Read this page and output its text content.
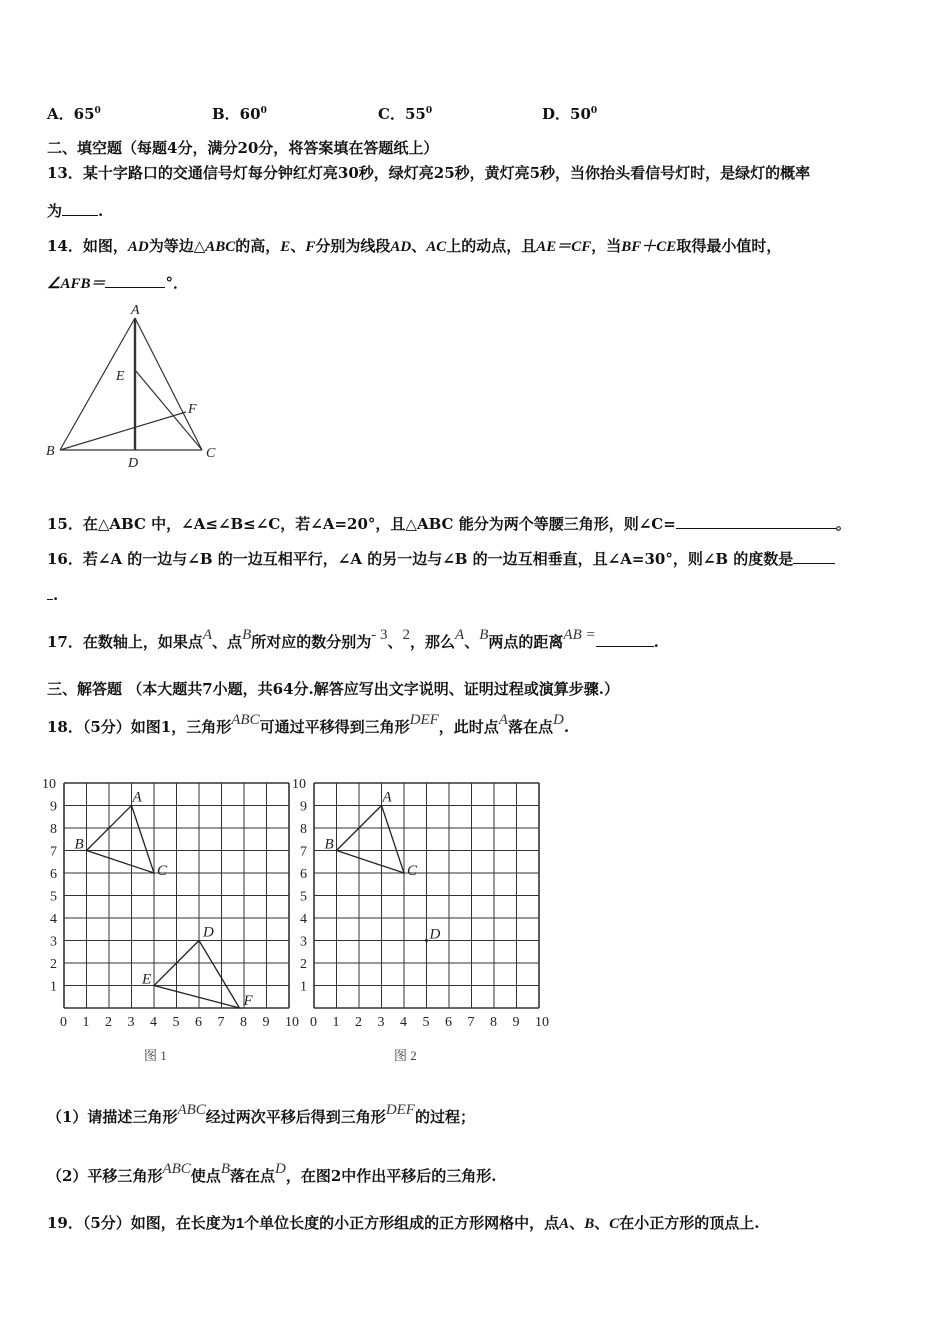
A．$65^0$	B．$60^0$	C．$55^0$	D．$50^0$
二、填空题（每题4分，满分20分，将答案填在答题纸上）
13．某十字路口的交通信号灯每分钟红灯亮30秒，绿灯亮25秒，黄灯亮5秒，当你抬头看信号灯时，是绿灯的概率
为 .
14．如图，AD为等边△ABC的高，E、F分别为线段AD、AC上的动点，且AE＝CF，当BF＋CE取得最小值时，
∠AFB＝	°．
A
B	C
D
E
F
15．在△ABC 中，∠A≤∠B≤∠C，若∠A=20°，且△ABC 能分为两个等腰三角形，则∠C=	。
16．若∠A 的一边与∠B 的一边互相平行，∠A 的另一边与∠B 的一边互相垂直，且∠A=30°，则∠B 的度数是
.
17．在数轴上，如果点A、点B所对应的数分别为- 3、2，那么A、B两点的距离AB =	.
三、解答题 （本大题共7小题，共64分.解答应写出文字说明、证明过程或演算步骤.）
18．（5分）如图1，三角形ABC可通过平移得到三角形DEF，此时点A落在点D.
0 1 2 3 4 5 6 7 8 9 10
10
9
8
7
6
5
4
3
2
1
图 1
A
B
C
D
E
F
0 1 2 3 4 5 6 7 8 9 10
10
9
8
7
6
5
4
3
2
1
图 2
A
B
C
D
（1）请描述三角形ABC经过两次平移后得到三角形DEF的过程；
（2）平移三角形ABC使点B落在点D，在图2中作出平移后的三角形.
19．（5分）如图，在长度为1个单位长度的小正方形组成的正方形网格中，点A、B、C在小正方形的顶点上.
